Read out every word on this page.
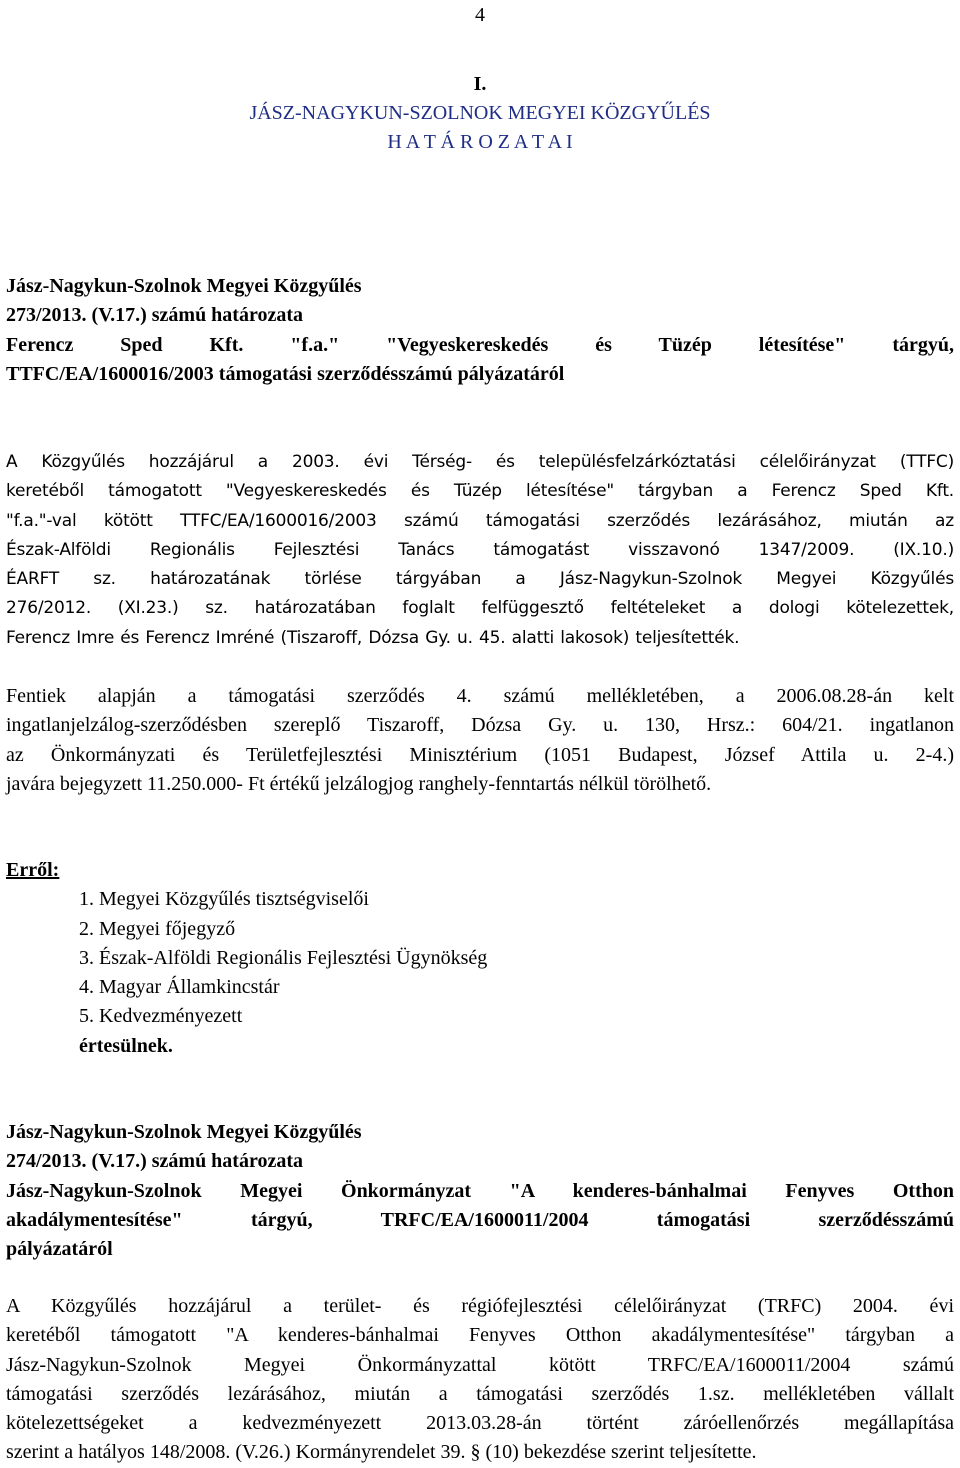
4
I.
JÁSZ-NAGYKUN-SZOLNOK MEGYEI KÖZGYŰLÉS
H A T Á R O Z A T A I
Jász-Nagykun-Szolnok Megyei Közgyűlés
273/2013. (V.17.) számú határozata
Ferencz Sped Kft. "f.a." "Vegyeskereskedés és Tüzép létesítése" tárgyú,
TTFC/EA/1600016/2003 támogatási szerződésszámú pályázatáról
A Közgyűlés hozzájárul a 2003. évi Térség- és településfelzárkóztatási célelőirányzat (TTFC)
keretéből támogatott "Vegyeskereskedés és Tüzép létesítése" tárgyban a Ferencz Sped Kft.
"f.a."-val kötött TTFC/EA/1600016/2003 számú támogatási szerződés lezárásához, miután az
Észak-Alföldi Regionális Fejlesztési Tanács támogatást visszavonó 1347/2009. (IX.10.)
ÉARFT sz. határozatának törlése tárgyában a Jász-Nagykun-Szolnok Megyei Közgyűlés
276/2012. (XI.23.) sz. határozatában foglalt felfüggesztő feltételeket a dologi kötelezettek,
Ferencz Imre és Ferencz Imréné (Tiszaroff, Dózsa Gy. u. 45. alatti lakosok) teljesítették.
Fentiek alapján a támogatási szerződés 4. számú mellékletében, a 2006.08.28-án kelt
ingatlanjelzálog-szerződésben szereplő Tiszaroff, Dózsa Gy. u. 130, Hrsz.: 604/21. ingatlanon
az Önkormányzati és Területfejlesztési Minisztérium (1051 Budapest, József Attila u. 2-4.)
javára bejegyzett 11.250.000- Ft értékű jelzálogjog ranghely-fenntartás nélkül törölhető.
Erről:
1. Megyei Közgyűlés tisztségviselői
2. Megyei főjegyző
3. Észak-Alföldi Regionális Fejlesztési Ügynökség
4. Magyar Államkincstár
5. Kedvezményezett
értesülnek.
Jász-Nagykun-Szolnok Megyei Közgyűlés
274/2013. (V.17.) számú határozata
Jász-Nagykun-Szolnok Megyei Önkormányzat "A kenderes-bánhalmai Fenyves Otthon
akadálymentesítése" tárgyú, TRFC/EA/1600011/2004 támogatási szerződésszámú
pályázatáról
A Közgyűlés hozzájárul a terület- és régiófejlesztési célelőirányzat (TRFC) 2004. évi
keretéből támogatott "A kenderes-bánhalmai Fenyves Otthon akadálymentesítése" tárgyban a
Jász-Nagykun-Szolnok Megyei Önkormányzattal kötött TRFC/EA/1600011/2004 számú
támogatási szerződés lezárásához, miután a támogatási szerződés 1.sz. mellékletében vállalt
kötelezettségeket a kedvezményezett 2013.03.28-án történt záróellenőrzés megállapítása
szerint a hatályos 148/2008. (V.26.) Kormányrendelet 39. § (10) bekezdése szerint teljesítette.
